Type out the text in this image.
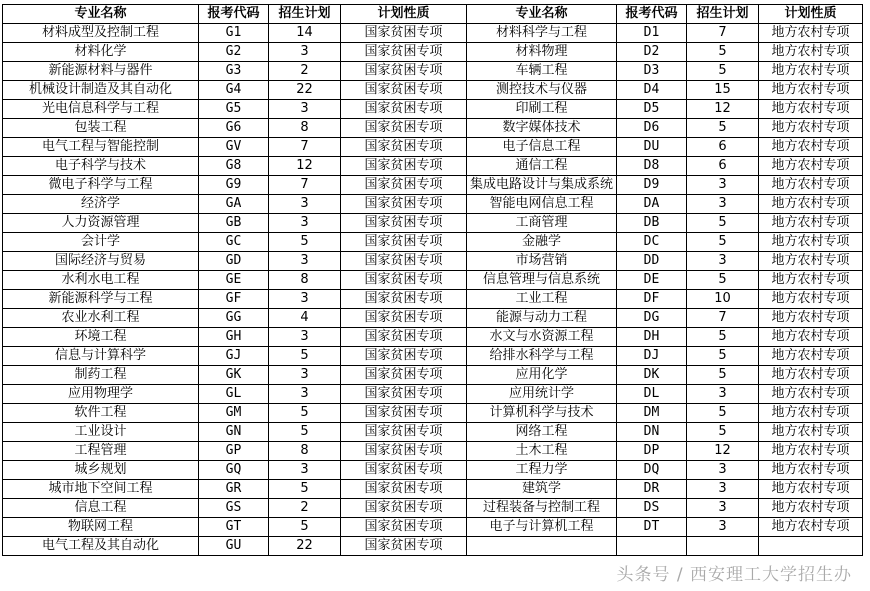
专业名称	报考代码	招生计划	计划性质	专业名称	报考代码	招生计划	计划性质
材料成型及控制工程	G1	14	国家贫困专项	材料科学与工程	D1	7	地方农村专项
材料化学	G2	3	国家贫困专项	材料物理	D2	5	地方农村专项
新能源材料与器件	G3	2	国家贫困专项	车辆工程	D3	5	地方农村专项
机械设计制造及其自动化	G4	22	国家贫困专项	测控技术与仪器	D4	15	地方农村专项
光电信息科学与工程	G5	3	国家贫困专项	印刷工程	D5	12	地方农村专项
包装工程	G6	8	国家贫困专项	数字媒体技术	D6	5	地方农村专项
电气工程与智能控制	GV	7	国家贫困专项	电子信息工程	DU	6	地方农村专项
电子科学与技术	G8	12	国家贫困专项	通信工程	D8	6	地方农村专项
微电子科学与工程	G9	7	国家贫困专项	集成电路设计与集成系统	D9	3	地方农村专项
经济学	GA	3	国家贫困专项	智能电网信息工程	DA	3	地方农村专项
人力资源管理	GB	3	国家贫困专项	工商管理	DB	5	地方农村专项
会计学	GC	5	国家贫困专项	金融学	DC	5	地方农村专项
国际经济与贸易	GD	3	国家贫困专项	市场营销	DD	3	地方农村专项
水利水电工程	GE	8	国家贫困专项	信息管理与信息系统	DE	5	地方农村专项
新能源科学与工程	GF	3	国家贫困专项	工业工程	DF	10	地方农村专项
农业水利工程	GG	4	国家贫困专项	能源与动力工程	DG	7	地方农村专项
环境工程	GH	3	国家贫困专项	水文与水资源工程	DH	5	地方农村专项
信息与计算科学	GJ	5	国家贫困专项	给排水科学与工程	DJ	5	地方农村专项
制药工程	GK	3	国家贫困专项	应用化学	DK	5	地方农村专项
应用物理学	GL	3	国家贫困专项	应用统计学	DL	3	地方农村专项
软件工程	GM	5	国家贫困专项	计算机科学与技术	DM	5	地方农村专项
工业设计	GN	5	国家贫困专项	网络工程	DN	5	地方农村专项
工程管理	GP	8	国家贫困专项	土木工程	DP	12	地方农村专项
城乡规划	GQ	3	国家贫困专项	工程力学	DQ	3	地方农村专项
城市地下空间工程	GR	5	国家贫困专项	建筑学	DR	3	地方农村专项
信息工程	GS	2	国家贫困专项	过程装备与控制工程	DS	3	地方农村专项
物联网工程	GT	5	国家贫困专项	电子与计算机工程	DT	3	地方农村专项
电气工程及其自动化	GU	22	国家贫困专项				
头条号 / 西安理工大学招生办
